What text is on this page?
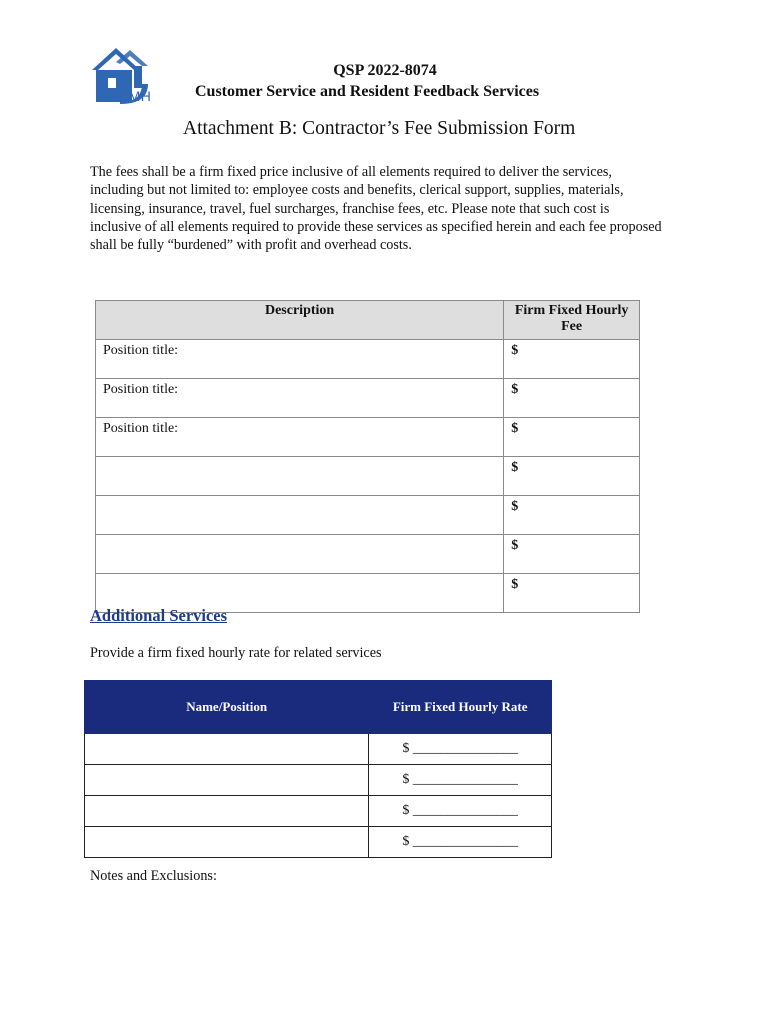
CMH
QSP 2022-8074
Customer Service and Resident Feedback Services
Attachment B: Contractor’s Fee Submission Form
The fees shall be a firm fixed price inclusive of all elements required to deliver the services, including but not limited to: employee costs and benefits, clerical support, supplies, materials, licensing, insurance, travel, fuel surcharges, franchise fees, etc. Please note that such cost is inclusive of all elements required to provide these services as specified herein and each fee proposed shall be fully “burdened” with profit and overhead costs.
Description	Firm Fixed Hourly Fee
Position title:	$
Position title:	$
Position title:	$
	$
	$
	$
	$
Additional Services
Provide a firm fixed hourly rate for related services
Name/Position	Firm Fixed Hourly Rate
	$ _______________
	$ _______________
	$ _______________
	$ _______________
Notes and Exclusions:
